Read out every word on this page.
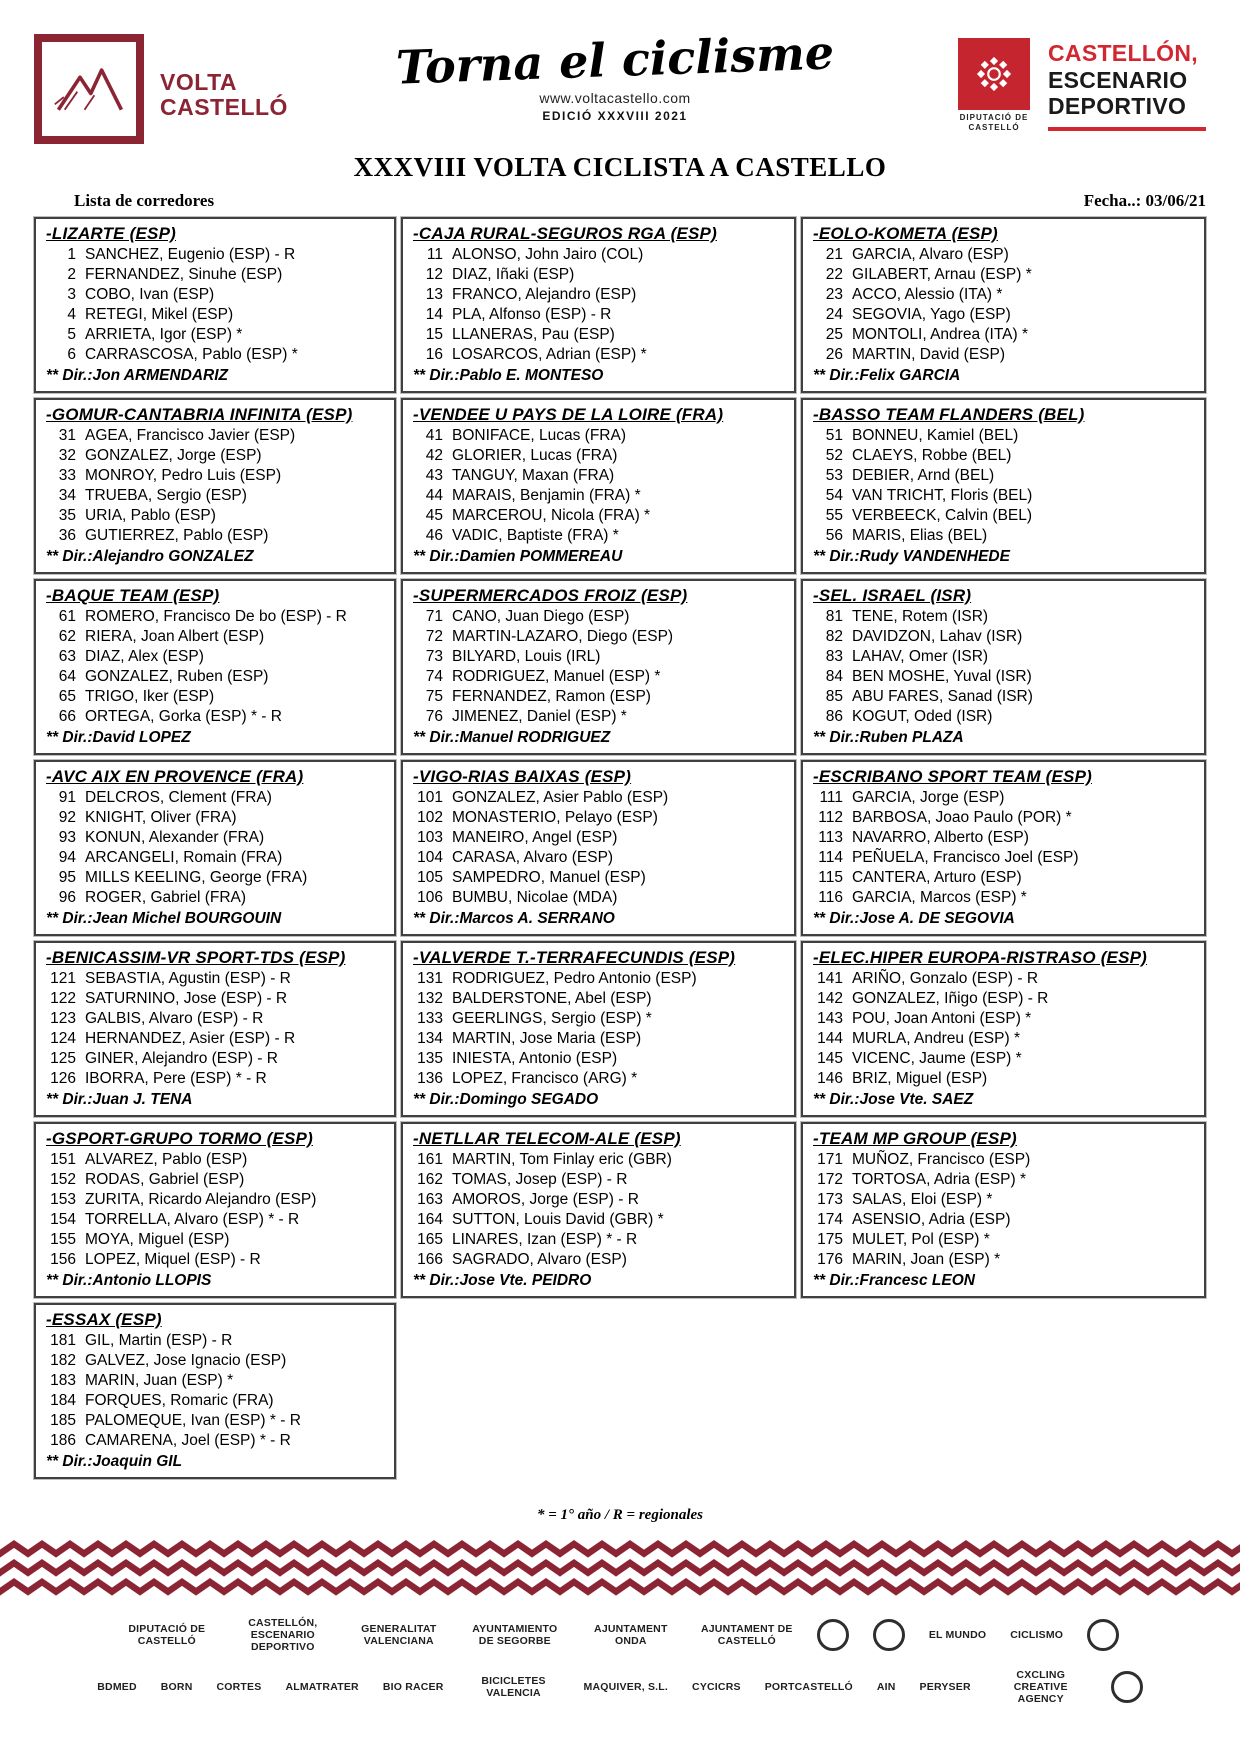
VOLTA
CASTELLÓ
Torna el ciclisme
www.voltacastello.com
EDICIÓ XXXVIII 2021	DIPUTACIÓ DE CASTELLÓ
CASTELLÓN,
ESCENARIO
DEPORTIVO
XXXVIII VOLTA CICLISTA A CASTELLO
Lista de corredores	Fecha..: 03/06/21
-LIZARTE (ESP)
1 SANCHEZ, Eugenio (ESP) - R
2 FERNANDEZ, Sinuhe (ESP)
3 COBO, Ivan (ESP)
4 RETEGI, Mikel (ESP)
5 ARRIETA, Igor (ESP) *
6 CARRASCOSA, Pablo (ESP) *
** Dir.:Jon ARMENDARIZ
-CAJA RURAL-SEGUROS RGA (ESP)
11 ALONSO, John Jairo (COL)
12 DIAZ, Iñaki (ESP)
13 FRANCO, Alejandro (ESP)
14 PLA, Alfonso (ESP) - R
15 LLANERAS, Pau (ESP)
16 LOSARCOS, Adrian (ESP) *
** Dir.:Pablo E. MONTESO
-EOLO-KOMETA (ESP)
21 GARCIA, Alvaro (ESP)
22 GILABERT, Arnau (ESP) *
23 ACCO, Alessio (ITA) *
24 SEGOVIA, Yago (ESP)
25 MONTOLI, Andrea (ITA) *
26 MARTIN, David (ESP)
** Dir.:Felix GARCIA
-GOMUR-CANTABRIA INFINITA (ESP)
31 AGEA, Francisco Javier (ESP)
32 GONZALEZ, Jorge (ESP)
33 MONROY, Pedro Luis (ESP)
34 TRUEBA, Sergio (ESP)
35 URIA, Pablo (ESP)
36 GUTIERREZ, Pablo (ESP)
** Dir.:Alejandro GONZALEZ
-VENDEE U PAYS DE LA LOIRE (FRA)
41 BONIFACE, Lucas (FRA)
42 GLORIER, Lucas (FRA)
43 TANGUY, Maxan (FRA)
44 MARAIS, Benjamin (FRA) *
45 MARCEROU, Nicola (FRA) *
46 VADIC, Baptiste (FRA) *
** Dir.:Damien POMMEREAU
-BASSO TEAM FLANDERS (BEL)
51 BONNEU, Kamiel (BEL)
52 CLAEYS, Robbe (BEL)
53 DEBIER, Arnd (BEL)
54 VAN TRICHT, Floris (BEL)
55 VERBEECK, Calvin (BEL)
56 MARIS, Elias (BEL)
** Dir.:Rudy VANDENHEDE
-BAQUE TEAM (ESP)
61 ROMERO, Francisco De bo (ESP) - R
62 RIERA, Joan Albert (ESP)
63 DIAZ, Alex (ESP)
64 GONZALEZ, Ruben (ESP)
65 TRIGO, Iker (ESP)
66 ORTEGA, Gorka (ESP) * - R
** Dir.:David LOPEZ
-SUPERMERCADOS FROIZ (ESP)
71 CANO, Juan Diego (ESP)
72 MARTIN-LAZARO, Diego (ESP)
73 BILYARD, Louis (IRL)
74 RODRIGUEZ, Manuel (ESP) *
75 FERNANDEZ, Ramon (ESP)
76 JIMENEZ, Daniel (ESP) *
** Dir.:Manuel RODRIGUEZ
-SEL. ISRAEL (ISR)
81 TENE, Rotem (ISR)
82 DAVIDZON, Lahav (ISR)
83 LAHAV, Omer (ISR)
84 BEN MOSHE, Yuval (ISR)
85 ABU FARES, Sanad (ISR)
86 KOGUT, Oded (ISR)
** Dir.:Ruben PLAZA
-AVC AIX EN PROVENCE (FRA)
91 DELCROS, Clement (FRA)
92 KNIGHT, Oliver (FRA)
93 KONUN, Alexander (FRA)
94 ARCANGELI, Romain (FRA)
95 MILLS KEELING, George (FRA)
96 ROGER, Gabriel (FRA)
** Dir.:Jean Michel BOURGOUIN
-VIGO-RIAS BAIXAS (ESP)
101 GONZALEZ, Asier Pablo (ESP)
102 MONASTERIO, Pelayo (ESP)
103 MANEIRO, Angel (ESP)
104 CARASA, Alvaro (ESP)
105 SAMPEDRO, Manuel (ESP)
106 BUMBU, Nicolae (MDA)
** Dir.:Marcos A. SERRANO
-ESCRIBANO SPORT TEAM (ESP)
111 GARCIA, Jorge (ESP)
112 BARBOSA, Joao Paulo (POR) *
113 NAVARRO, Alberto (ESP)
114 PEÑUELA, Francisco Joel (ESP)
115 CANTERA, Arturo (ESP)
116 GARCIA, Marcos (ESP) *
** Dir.:Jose A. DE SEGOVIA
-BENICASSIM-VR SPORT-TDS (ESP)
121 SEBASTIA, Agustin (ESP) - R
122 SATURNINO, Jose (ESP) - R
123 GALBIS, Alvaro (ESP) - R
124 HERNANDEZ, Asier (ESP) - R
125 GINER, Alejandro (ESP) - R
126 IBORRA, Pere (ESP) * - R
** Dir.:Juan J. TENA
-VALVERDE T.-TERRAFECUNDIS (ESP)
131 RODRIGUEZ, Pedro Antonio (ESP)
132 BALDERSTONE, Abel (ESP)
133 GEERLINGS, Sergio (ESP) *
134 MARTIN, Jose Maria (ESP)
135 INIESTA, Antonio (ESP)
136 LOPEZ, Francisco (ARG) *
** Dir.:Domingo SEGADO
-ELEC.HIPER EUROPA-RISTRASO (ESP)
141 ARIÑO, Gonzalo (ESP) - R
142 GONZALEZ, Iñigo (ESP) - R
143 POU, Joan Antoni (ESP) *
144 MURLA, Andreu (ESP) *
145 VICENC, Jaume (ESP) *
146 BRIZ, Miguel (ESP)
** Dir.:Jose Vte. SAEZ
-GSPORT-GRUPO TORMO (ESP)
151 ALVAREZ, Pablo (ESP)
152 RODAS, Gabriel (ESP)
153 ZURITA, Ricardo Alejandro (ESP)
154 TORRELLA, Alvaro (ESP) * - R
155 MOYA, Miguel (ESP)
156 LOPEZ, Miquel (ESP) - R
** Dir.:Antonio LLOPIS
-NETLLAR TELECOM-ALE (ESP)
161 MARTIN, Tom Finlay eric (GBR)
162 TOMAS, Josep (ESP) - R
163 AMOROS, Jorge (ESP) - R
164 SUTTON, Louis David (GBR) *
165 LINARES, Izan (ESP) * - R
166 SAGRADO, Alvaro (ESP)
** Dir.:Jose Vte. PEIDRO
-TEAM MP GROUP (ESP)
171 MUÑOZ, Francisco (ESP)
172 TORTOSA, Adria (ESP) *
173 SALAS, Eloi (ESP) *
174 ASENSIO, Adria (ESP)
175 MULET, Pol (ESP) *
176 MARIN, Joan (ESP) *
** Dir.:Francesc LEON
-ESSAX (ESP)
181 GIL, Martin (ESP) - R
182 GALVEZ, Jose Ignacio (ESP)
183 MARIN, Juan (ESP) *
184 FORQUES, Romaric (FRA)
185 PALOMEQUE, Ivan (ESP) * - R
186 CAMARENA, Joel (ESP) * - R
** Dir.:Joaquin GIL
* = 1° año / R = regionales
DIPUTACIÓ DE CASTELLÓ
CASTELLÓN, ESCENARIO DEPORTIVO
GENERALITAT VALENCIANA
AYUNTAMIENTO DE SEGORBE
AJUNTAMENT ONDA
AJUNTAMENT DE CASTELLÓ
EL MUNDO CICLISMO
BDMED BORN CORTES ALMATRATER BIO RACER
BICICLETES VALENCIA
MAQUIVER, S.L. CYCICRS PORTCASTELLÓ AIN PERYSER
CXCLING CREATIVE AGENCY
